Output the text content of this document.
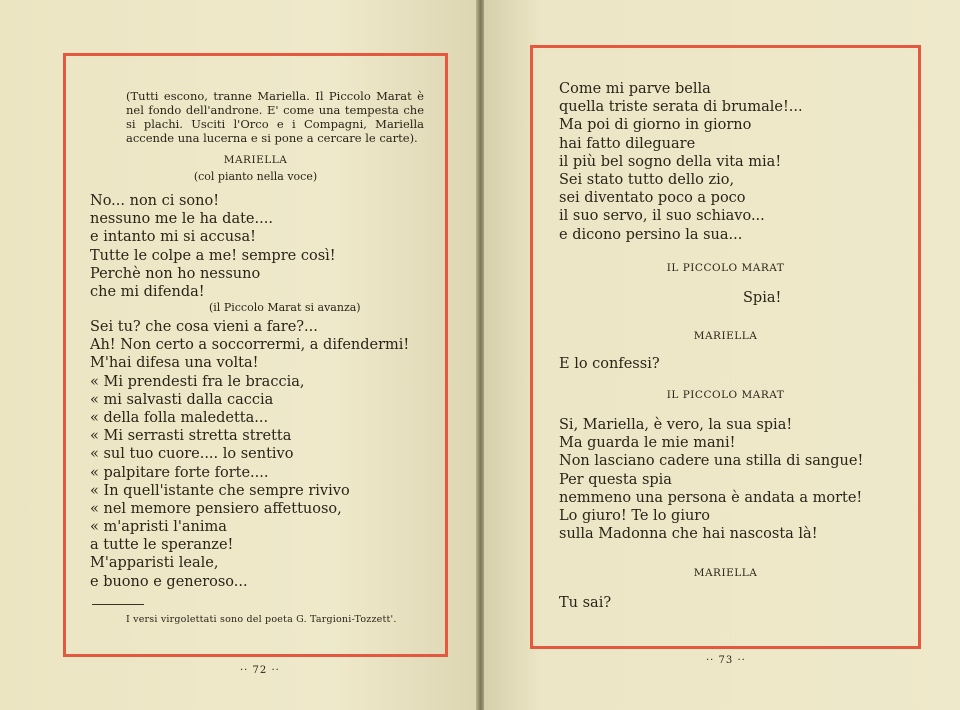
(Tutti escono, tranne Mariella. Il Piccolo Marat è nel fondo dell'androne. E' come una tempesta che si plachi. Usciti l'Orco e i Compagni, Mariella accende una lucerna e si pone a cercare le carte).
MARIELLA
(col pianto nella voce)
No... non ci sono!
nessuno me le ha date....
e intanto mi si accusa!
Tutte le colpe a me! sempre così!
Perchè non ho nessuno
che mi difenda!
(il Piccolo Marat si avanza)
Sei tu? che cosa vieni a fare?...
Ah! Non certo a soccorrermi, a difendermi!
M'hai difesa una volta!
« Mi prendesti fra le braccia,
« mi salvasti dalla caccia
« della folla maledetta...
« Mi serrasti stretta stretta
« sul tuo cuore.... lo sentivo
« palpitare forte forte....
« In quell'istante che sempre rivivo
« nel memore pensiero affettuoso,
« m'apristi l'anima
a tutte le speranze!
M'apparisti leale,
e buono e generoso...
I versi virgolettati sono del poeta G. Targioni-Tozzett'.
·· 72 ··
Come mi parve bella
quella triste serata di brumale!...
Ma poi di giorno in giorno
hai fatto dileguare
il più bel sogno della vita mia!
Sei stato tutto dello zio,
sei diventato poco a poco
il suo servo, il suo schiavo...
e dicono persino la sua...
IL PICCOLO MARAT
Spia!
MARIELLA
E lo confessi?
IL PICCOLO MARAT
Si, Mariella, è vero, la sua spia!
Ma guarda le mie mani!
Non lasciano cadere una stilla di sangue!
Per questa spia
nemmeno una persona è andata a morte!
Lo giuro! Te lo giuro
sulla Madonna che hai nascosta là!
MARIELLA
Tu sai?
·· 73 ··
